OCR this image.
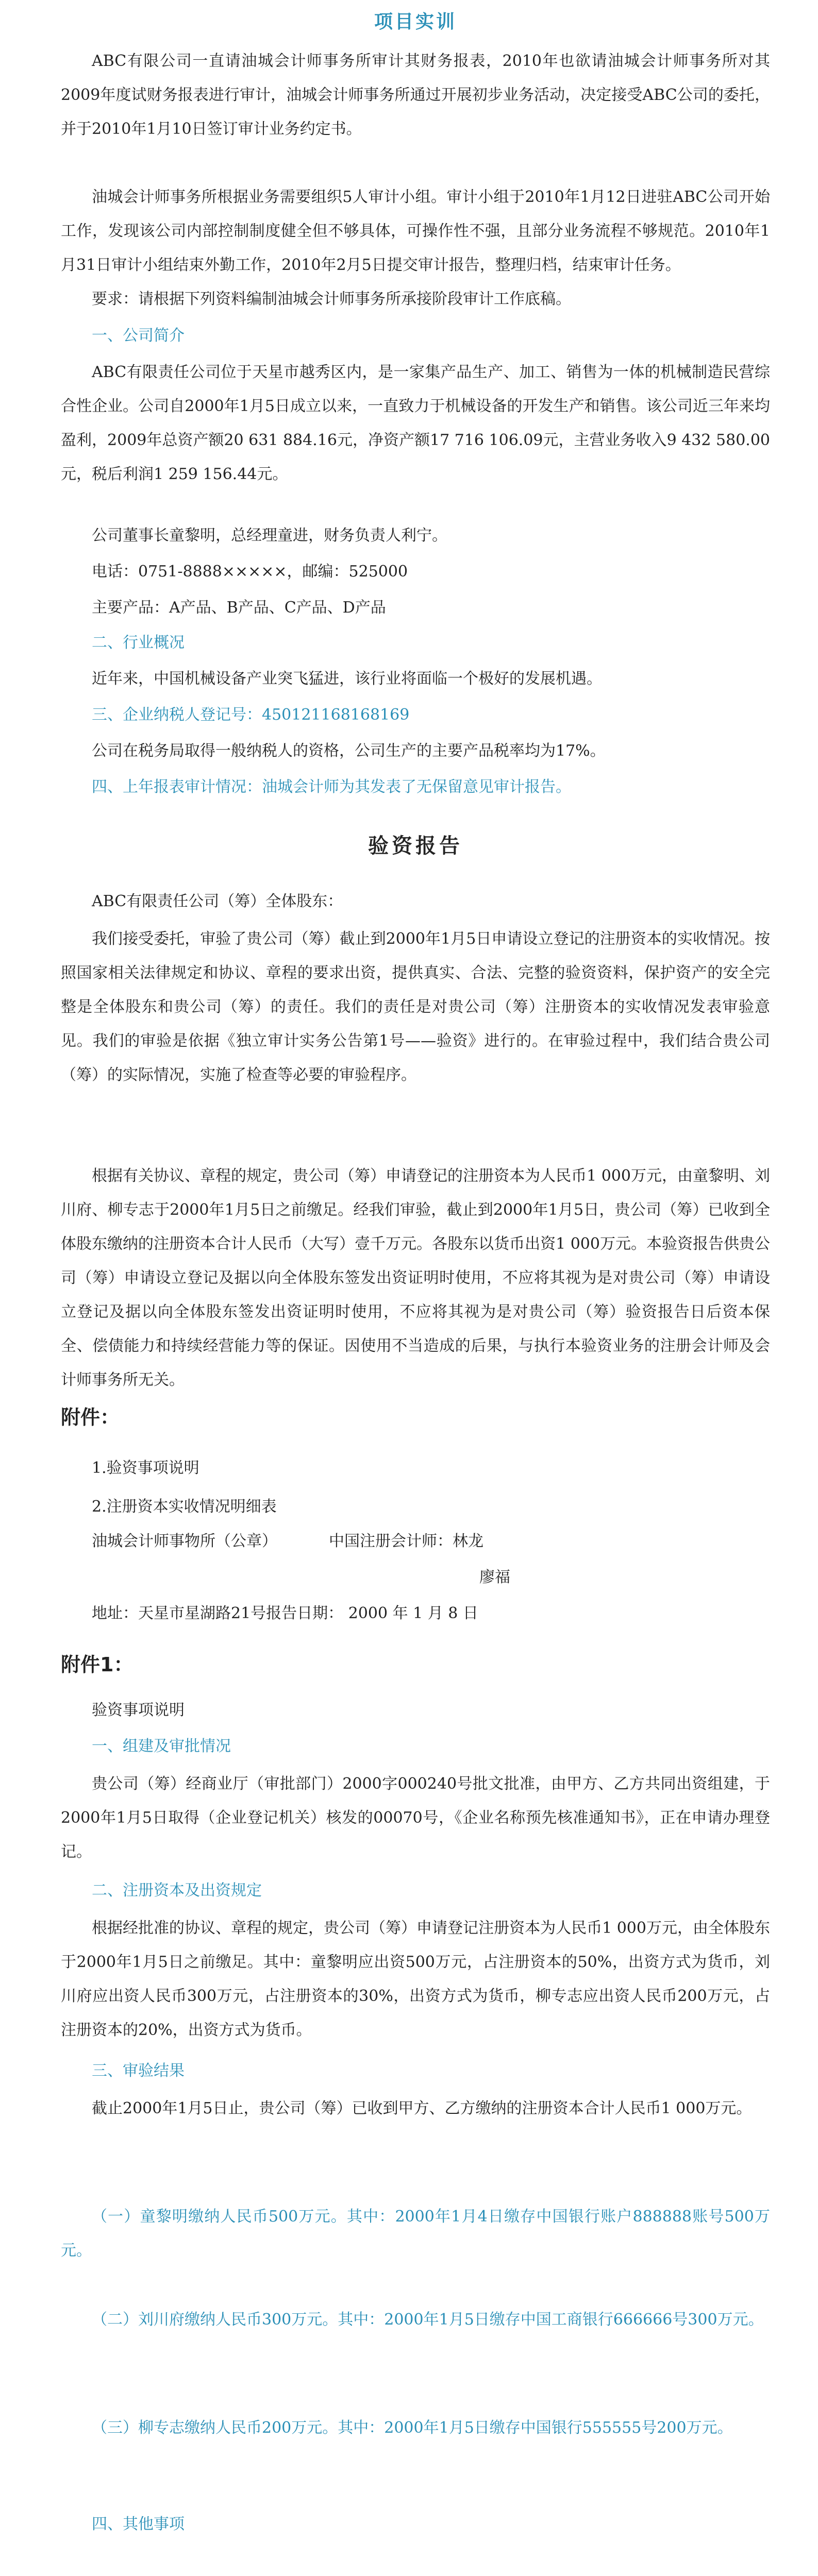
项目实训
ABC有限公司一直请油城会计师事务所审计其财务报表，2010年也欲请油城会计师事务所对其2009年度试财务报表进行审计，油城会计师事务所通过开展初步业务活动，决定接受ABC公司的委托，并于2010年1月10日签订审计业务约定书。
油城会计师事务所根据业务需要组织5人审计小组。审计小组于2010年1月12日进驻ABC公司开始工作，发现该公司内部控制制度健全但不够具体，可操作性不强，且部分业务流程不够规范。2010年1月31日审计小组结束外勤工作，2010年2月5日提交审计报告，整理归档，结束审计任务。
要求：请根据下列资料编制油城会计师事务所承接阶段审计工作底稿。
一、公司简介
ABC有限责任公司位于天星市越秀区内，是一家集产品生产、加工、销售为一体的机械制造民营综合性企业。公司自2000年1月5日成立以来，一直致力于机械设备的开发生产和销售。该公司近三年来均盈利，2009年总资产额20 631 884.16元，净资产额17 716 106.09元，主营业务收入9 432 580.00元，税后利润1 259 156.44元。
公司董事长童黎明，总经理童进，财务负责人利宁。
电话：0751-8888×××××，邮编：525000
主要产品：A产品、B产品、C产品、D产品
二、行业概况
近年来，中国机械设备产业突飞猛进，该行业将面临一个极好的发展机遇。
三、企业纳税人登记号：450121168168169
公司在税务局取得一般纳税人的资格，公司生产的主要产品税率均为17%。
四、上年报表审计情况：油城会计师为其发表了无保留意见审计报告。
验资报告
ABC有限责任公司（筹）全体股东：
我们接受委托，审验了贵公司（筹）截止到2000年1月5日申请设立登记的注册资本的实收情况。按照国家相关法律规定和协议、章程的要求出资，提供真实、合法、完整的验资资料，保护资产的安全完整是全体股东和贵公司（筹）的责任。我们的责任是对贵公司（筹）注册资本的实收情况发表审验意见。我们的审验是依据《独立审计实务公告第1号——验资》进行的。在审验过程中，我们结合贵公司（筹）的实际情况，实施了检查等必要的审验程序。
根据有关协议、章程的规定，贵公司（筹）申请登记的注册资本为人民币1 000万元，由童黎明、刘川府、柳专志于2000年1月5日之前缴足。经我们审验，截止到2000年1月5日，贵公司（筹）已收到全体股东缴纳的注册资本合计人民币（大写）壹千万元。各股东以货币出资1 000万元。本验资报告供贵公司（筹）申请设立登记及据以向全体股东签发出资证明时使用，不应将其视为是对贵公司（筹）申请设立登记及据以向全体股东签发出资证明时使用，不应将其视为是对贵公司（筹）验资报告日后资本保全、偿债能力和持续经营能力等的保证。因使用不当造成的后果，与执行本验资业务的注册会计师及会计师事务所无关。
附件：
1.验资事项说明
2.注册资本实收情况明细表
油城会计师事物所（公章）	中国注册会计师：林龙
廖福
地址：天星市星湖路21号报告日期： 2000 年 1 月 8 日
附件1：
验资事项说明
一、组建及审批情况
贵公司（筹）经商业厅（审批部门）2000字000240号批文批准，由甲方、乙方共同出资组建，于2000年1月5日取得（企业登记机关）核发的00070号，《企业名称预先核准通知书》，正在申请办理登记。
二、注册资本及出资规定
根据经批准的协议、章程的规定，贵公司（筹）申请登记注册资本为人民币1 000万元，由全体股东于2000年1月5日之前缴足。其中：童黎明应出资500万元，占注册资本的50%，出资方式为货币，刘川府应出资人民币300万元，占注册资本的30%，出资方式为货币，柳专志应出资人民币200万元，占注册资本的20%，出资方式为货币。
三、审验结果
截止2000年1月5日止，贵公司（筹）已收到甲方、乙方缴纳的注册资本合计人民币1 000万元。
（一）童黎明缴纳人民币500万元。其中：2000年1月4日缴存中国银行账户888888账号500万元。
（二）刘川府缴纳人民币300万元。其中：2000年1月5日缴存中国工商银行666666号300万元。
（三）柳专志缴纳人民币200万元。其中：2000年1月5日缴存中国银行555555号200万元。
四、其他事项
